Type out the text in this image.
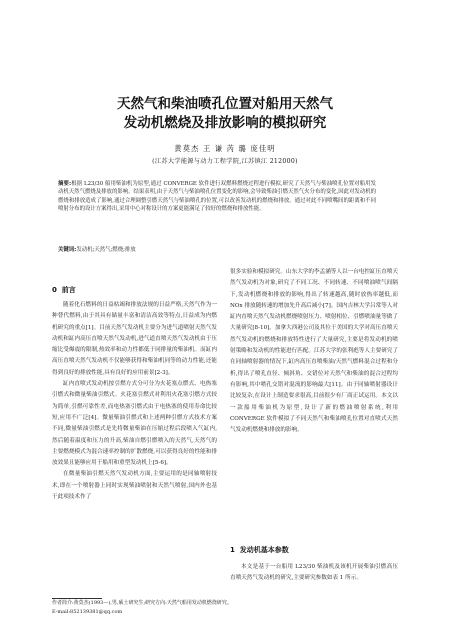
天然气和柴油喷孔位置对船用天然气
发动机燃烧及排放影响的模拟研究
黄莫杰 王 谦 芮 璐 庞佳明
(江苏大学能源与动力工程学院,江苏镇江 212000)
摘要:根据 L23/30 船用柴油机为原型,通过 CONVERGE 软件进行双燃料燃烧过程进行模拟,研究了天然气与柴油喷孔位置对船用发动机天然气燃烧及排放的影响。结果表明,由于天然气与柴油喷孔位置变化的影响,会导致柴油引燃天然气火分布的变化,因此对发动机的燃烧和排放造成了影响,通过合理调整引燃天然气与柴油喷孔的位置,可以改善发动机的燃烧和排放。通过对此不同喷嘴间的距离和不同喷射分布的设计方案得出,采用中心对称设计的方案更能满足了较好的燃烧和排放性能。
关键词:发动机;天然气;燃烧;排放
0 前言

随着化石燃料的日益枯竭和排放法规的日益严格,天然气作为一种替代燃料,由于其具有储量丰富和清洁高效等特点,日益成为内燃机研究的重点[1]。目前天然气发动机主要分为进气道喷射天然气发动机和缸内高压直喷天然气发动机,进气道直喷天然气发动机由于压缩比受爆震的限制,热效率和动力性都低于同排量的柴油机。而缸内高压直喷天然气发动机不仅能够获得和柴油机同等的动力性能,还能得到良好的排放性能,具有良好的应用前景[2-3]。

缸内直喷式发动机按引燃方式分可分为火花塞点燃式、电热塞引燃式和微量柴油引燃式。火花塞引燃式对利用火花塞引燃方式较为简单,引燃可靠性差,而电热塞引燃式由于电热塞的使用寿命比较短,应用不广泛[4]。微量柴油引燃式和上述两种引燃方式技术方案不同,微量柴油引燃式是先将微量柴油在压缩过程后段喷入气缸内,然后随着温度和压力的升高,柴油自燃引燃喷入的天然气,天然气的主要燃烧模式为混合速率控制的扩散燃烧,可以获得良好的性能和排放效果且能够应用于船用和重型发动机上[5-6]。

在微量柴油引燃天然气发动机方面,主要运用的是同轴喷射技术,即在一个喷射器上同时实现柴油喷射和天然气喷射,国内外也基于此项技术作了

很多实验和模拟研究。山东大学的李孟涵等人以一台电控缸压直喷天然气发动机为对象,研究了不同工况、不同转速、不同喷油喷气间隔下,发动机燃烧和排放的影响,得出了转速越高,随时放热率越低,而 NOx 排放随转速的增加先升高后减小[7]。国内吉林大学吕常等人对缸内直喷天然气发动机燃烧喷射压力、喷射相位、引燃喷油量等做了大量研究[8-10]。加拿大西港公司及其位于美国的大学对高压直喷天然气发动机的燃烧和排放特性进行了大量研究,主要是将发动机的喷射策略和发动机的性能进行匹配。江苏大学的张利彪等人主要研究了在同轴喷射器的情况下,缸内高压直喷柴油/天然气燃料混合过程和分析,得出了喷孔直径、倾斜角、交错位对天然气和柴油的混合过程均有影响,其中喷孔交错对混流的影响最大[11]。由于同轴喷射器设计比较复杂,在设计上制造要求很高,目前很少有厂商正试运用。本文以一款船用柴油机为原型,设计了新的燃油喷射系统,利用 CONVERGE 软件模拟了不同天然气和柴油喷孔位置对直喷式天然气发动机燃烧和排放的影响。

1 发动机基本参数

本文是基于一台船用 L23/30 柴油机及该机开展柴油引燃高压直喷天然气发动机的研究,主要研究参数如表 1 所示。

作者简介:黄莫杰(1993—),男,硕士研究生;研究方向:天然气船用发动机燃烧研究。
E-mail:852139381@qq.com
